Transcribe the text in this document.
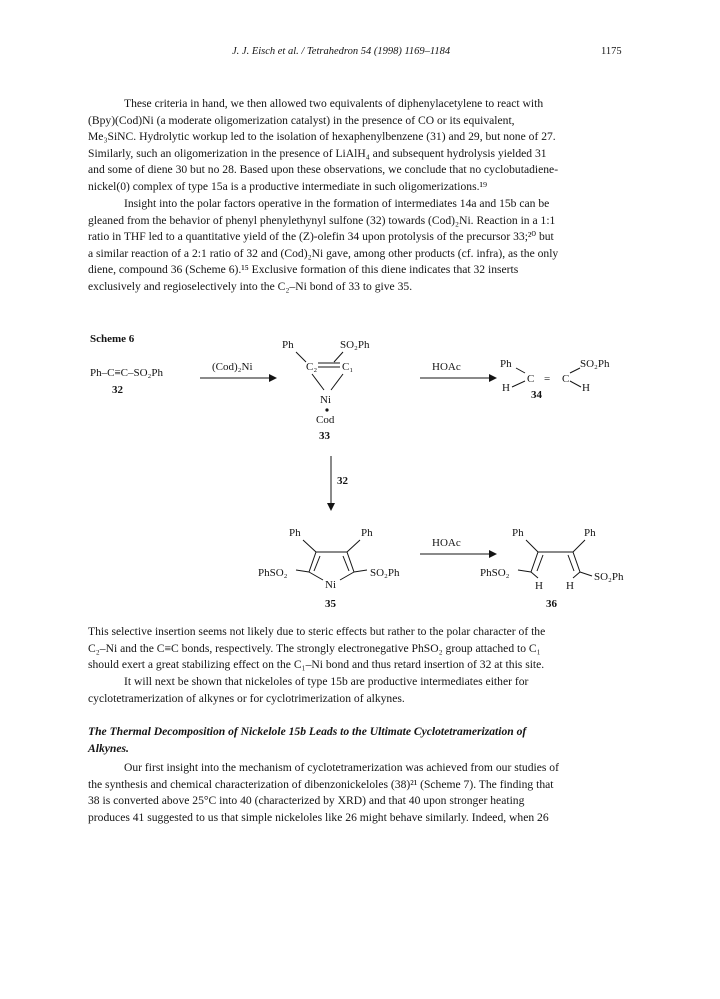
J. J. Eisch et al. / Tetrahedron 54 (1998) 1169–1184	1175

These criteria in hand, we then allowed two equivalents of diphenylacetylene to react with
(Bpy)(Cod)Ni (a moderate oligomerization catalyst) in the presence of CO or its equivalent,
Me₃SiNC. Hydrolytic workup led to the isolation of hexaphenylbenzene (31) and 29, but none of 27.
Similarly, such an oligomerization in the presence of LiAlH₄ and subsequent hydrolysis yielded 31
and some of diene 30 but no 28. Based upon these observations, we conclude that no cyclobutadiene-
nickel(0) complex of type 15a is a productive intermediate in such oligomerizations.¹⁹

Insight into the polar factors operative in the formation of intermediates 14a and 15b can be
gleaned from the behavior of phenyl phenylethynyl sulfone (32) towards (Cod)₂Ni. Reaction in a 1:1
ratio in THF led to a quantitative yield of the (Z)-olefin 34 upon protolysis of the precursor 33;²⁰ but
a similar reaction of a 2:1 ratio of 32 and (Cod)₂Ni gave, among other products (cf. infra), as the only
diene, compound 36 (Scheme 6).¹⁵ Exclusive formation of this diene indicates that 32 inserts
exclusively and regioselectively into the C₂–Ni bond of 33 to give 35.

Scheme 6
Ph–C≡C–SO₂Ph
32
(Cod)₂Ni
Ph	SO₂Ph
C₂ C₁
Ni
Cod
33
HOAc	Ph
H
C = C
SO₂Ph
H
34
32
Ph	Ph
Ni
PhSO₂	SO₂Ph
35
HOAc
Ph	Ph
PhSO₂	SO₂Ph
H H
36

This selective insertion seems not likely due to steric effects but rather to the polar character of the
C₂–Ni and the C≡C bonds, respectively. The strongly electronegative PhSO₂ group attached to C₁
should exert a great stabilizing effect on the C₁–Ni bond and thus retard insertion of 32 at this site.

It will next be shown that nickeloles of type 15b are productive intermediates either for
cyclotetramerization of alkynes or for cyclotrimerization of alkynes.

The Thermal Decomposition of Nickelole 15b Leads to the Ultimate Cyclotetramerization of
Alkynes.

Our first insight into the mechanism of cyclotetramerization was achieved from our studies of
the synthesis and chemical characterization of dibenzonickeloles (38)²¹ (Scheme 7). The finding that
38 is converted above 25°C into 40 (characterized by XRD) and that 40 upon stronger heating
produces 41 suggested to us that simple nickeloles like 26 might behave similarly. Indeed, when 26
